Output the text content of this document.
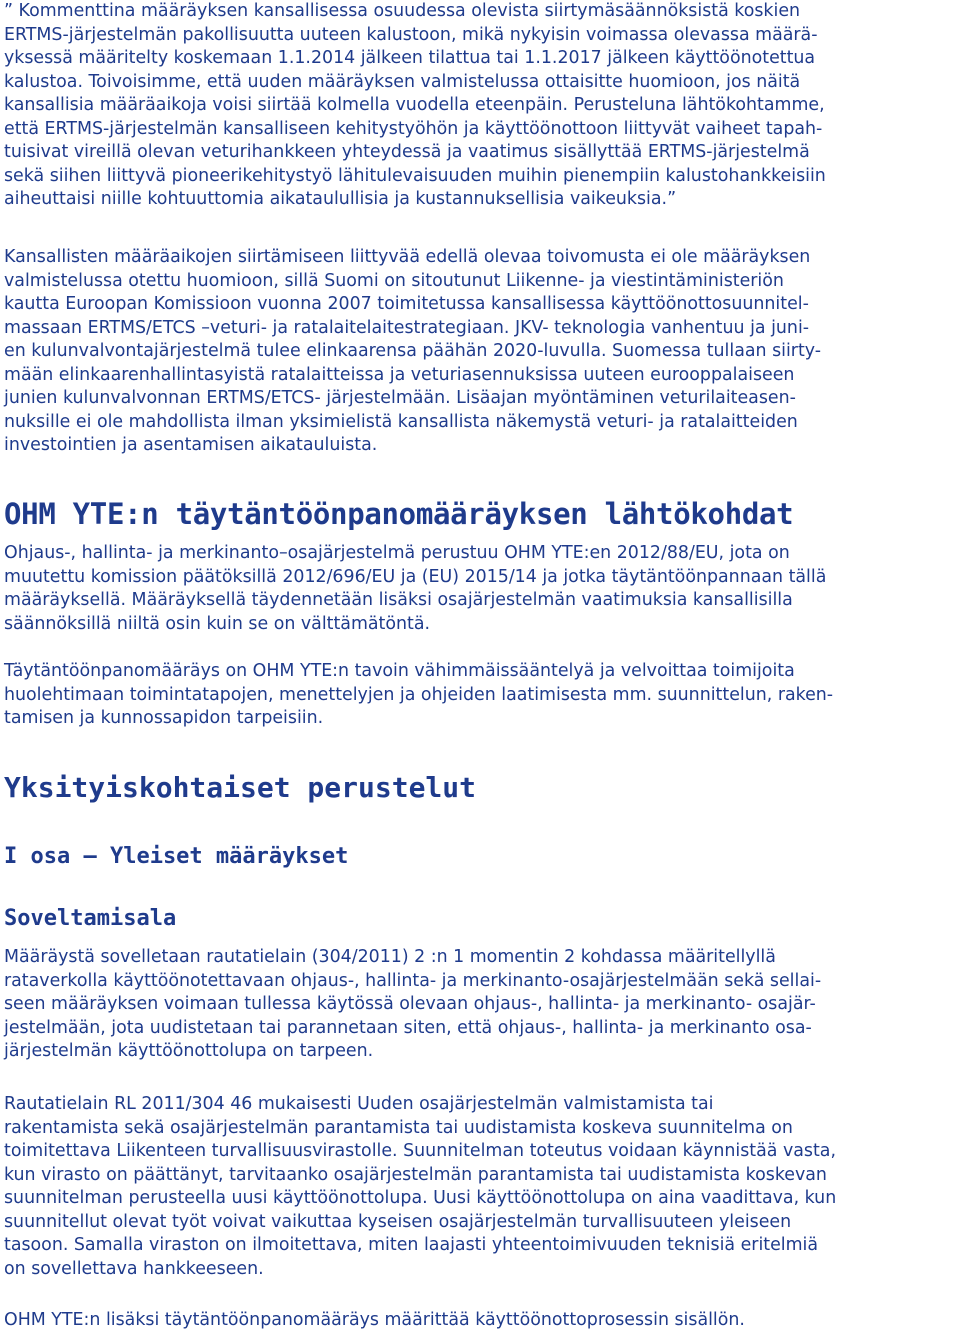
” Kommenttina määräyksen kansallisessa osuudessa olevista siirtymäsäännöksistä koskien
ERTMS-järjestelmän pakollisuutta uuteen kalustoon, mikä nykyisin voimassa olevassa määrä-
yksessä määritelty koskemaan 1.1.2014 jälkeen tilattua tai 1.1.2017 jälkeen käyttöönotettua
kalustoa. Toivoisimme, että uuden määräyksen valmistelussa ottaisitte huomioon, jos näitä
kansallisia määräaikoja voisi siirtää kolmella vuodella eteenpäin. Perusteluna lähtökohtamme,
että ERTMS-järjestelmän kansalliseen kehitystyöhön ja käyttöönottoon liittyvät vaiheet tapah-
tuisivat vireillä olevan veturihankkeen yhteydessä ja vaatimus sisällyttää ERTMS-järjestelmä
sekä siihen liittyvä pioneerikehitystyö lähitulevaisuuden muihin pienempiin kalustohankkeisiin
aiheuttaisi niille kohtuuttomia aikataulullisia ja kustannuksellisia vaikeuksia.”

Kansallisten määräaikojen siirtämiseen liittyvää edellä olevaa toivomusta ei ole määräyksen
valmistelussa otettu huomioon, sillä Suomi on sitoutunut Liikenne- ja viestintäministeriön
kautta Euroopan Komissioon vuonna 2007 toimitetussa kansallisessa käyttöönottosuunnitel-
massaan ERTMS/ETCS –veturi- ja ratalaitelaitestrategiaan. JKV- teknologia vanhentuu ja juni-
en kulunvalvontajärjestelmä tulee elinkaarensa päähän 2020-luvulla. Suomessa tullaan siirty-
mään elinkaarenhallintasyistä ratalaitteissa ja veturiasennuksissa uuteen eurooppalaiseen
junien kulunvalvonnan ERTMS/ETCS- järjestelmään. Lisäajan myöntäminen veturilaiteasen-
nuksille ei ole mahdollista ilman yksimielistä kansallista näkemystä veturi- ja ratalaitteiden
investointien ja asentamisen aikatauluista.

OHM YTE:n täytäntöönpanomääräyksen lähtökohdat

Ohjaus-, hallinta- ja merkinanto–osajärjestelmä perustuu OHM YTE:en 2012/88/EU, jota on
muutettu komission päätöksillä 2012/696/EU ja (EU) 2015/14 ja jotka täytäntöönpannaan tällä
määräyksellä. Määräyksellä täydennetään lisäksi osajärjestelmän vaatimuksia kansallisilla
säännöksillä niiltä osin kuin se on välttämätöntä.

Täytäntöönpanomääräys on OHM YTE:n tavoin vähimmäissääntelyä ja velvoittaa toimijoita
huolehtimaan toimintatapojen, menettelyjen ja ohjeiden laatimisesta mm. suunnittelun, raken-
tamisen ja kunnossapidon tarpeisiin.

Yksityiskohtaiset perustelut
I osa – Yleiset määräykset
Soveltamisala

Määräystä sovelletaan rautatielain (304/2011) 2 :n 1 momentin 2 kohdassa määritellyllä
rataverkolla käyttöönotettavaan ohjaus-, hallinta- ja merkinanto-osajärjestelmään sekä sellai-
seen määräyksen voimaan tullessa käytössä olevaan ohjaus-, hallinta- ja merkinanto- osajär-
jestelmään, jota uudistetaan tai parannetaan siten, että ohjaus-, hallinta- ja merkinanto osa-
järjestelmän käyttöönottolupa on tarpeen.

Rautatielain RL 2011/304 46 mukaisesti Uuden osajärjestelmän valmistamista tai
rakentamista sekä osajärjestelmän parantamista tai uudistamista koskeva suunnitelma on
toimitettava Liikenteen turvallisuusvirastolle. Suunnitelman toteutus voidaan käynnistää vasta,
kun virasto on päättänyt, tarvitaanko osajärjestelmän parantamista tai uudistamista koskevan
suunnitelman perusteella uusi käyttöönottolupa. Uusi käyttöönottolupa on aina vaadittava, kun
suunnitellut olevat työt voivat vaikuttaa kyseisen osajärjestelmän turvallisuuteen yleiseen
tasoon. Samalla viraston on ilmoitettava, miten laajasti yhteentoimivuuden teknisiä eritelmiä
on sovellettava hankkeeseen.

OHM YTE:n lisäksi täytäntöönpanomääräys määrittää käyttöönottoprosessin sisällön.
